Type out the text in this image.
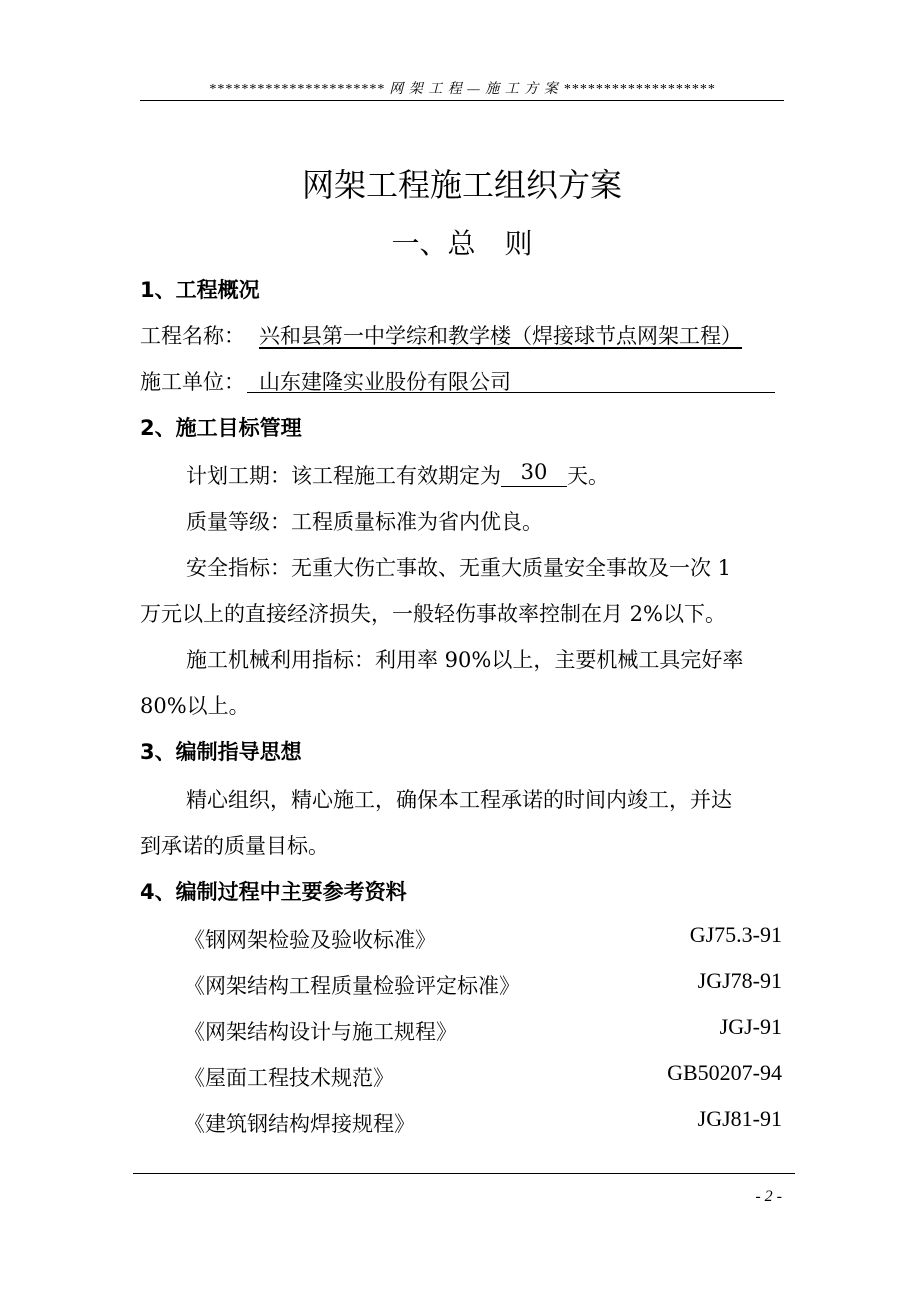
********************** 网 架 工 程 — 施 工 方 案 *******************
网架工程施工组织方案
一、总 则
1、工程概况
工程名称： 兴和县第一中学综和教学楼（焊接球节点网架工程）
施工单位： 山东建隆实业股份有限公司
2、施工目标管理
计划工期：该工程施工有效期定为 30 天。
质量等级：工程质量标准为省内优良。
安全指标：无重大伤亡事故、无重大质量安全事故及一次 1
万元以上的直接经济损失，一般轻伤事故率控制在月 2%以下。
施工机械利用指标：利用率 90%以上，主要机械工具完好率
80%以上。
3、编制指导思想
精心组织，精心施工，确保本工程承诺的时间内竣工，并达
到承诺的质量目标。
4、编制过程中主要参考资料
《钢网架检验及验收标准》	GJ75.3-91
《网架结构工程质量检验评定标准》	JGJ78-91
《网架结构设计与施工规程》	JGJ-91
《屋面工程技术规范》	GB50207-94
《建筑钢结构焊接规程》	JGJ81-91
- 2 -
